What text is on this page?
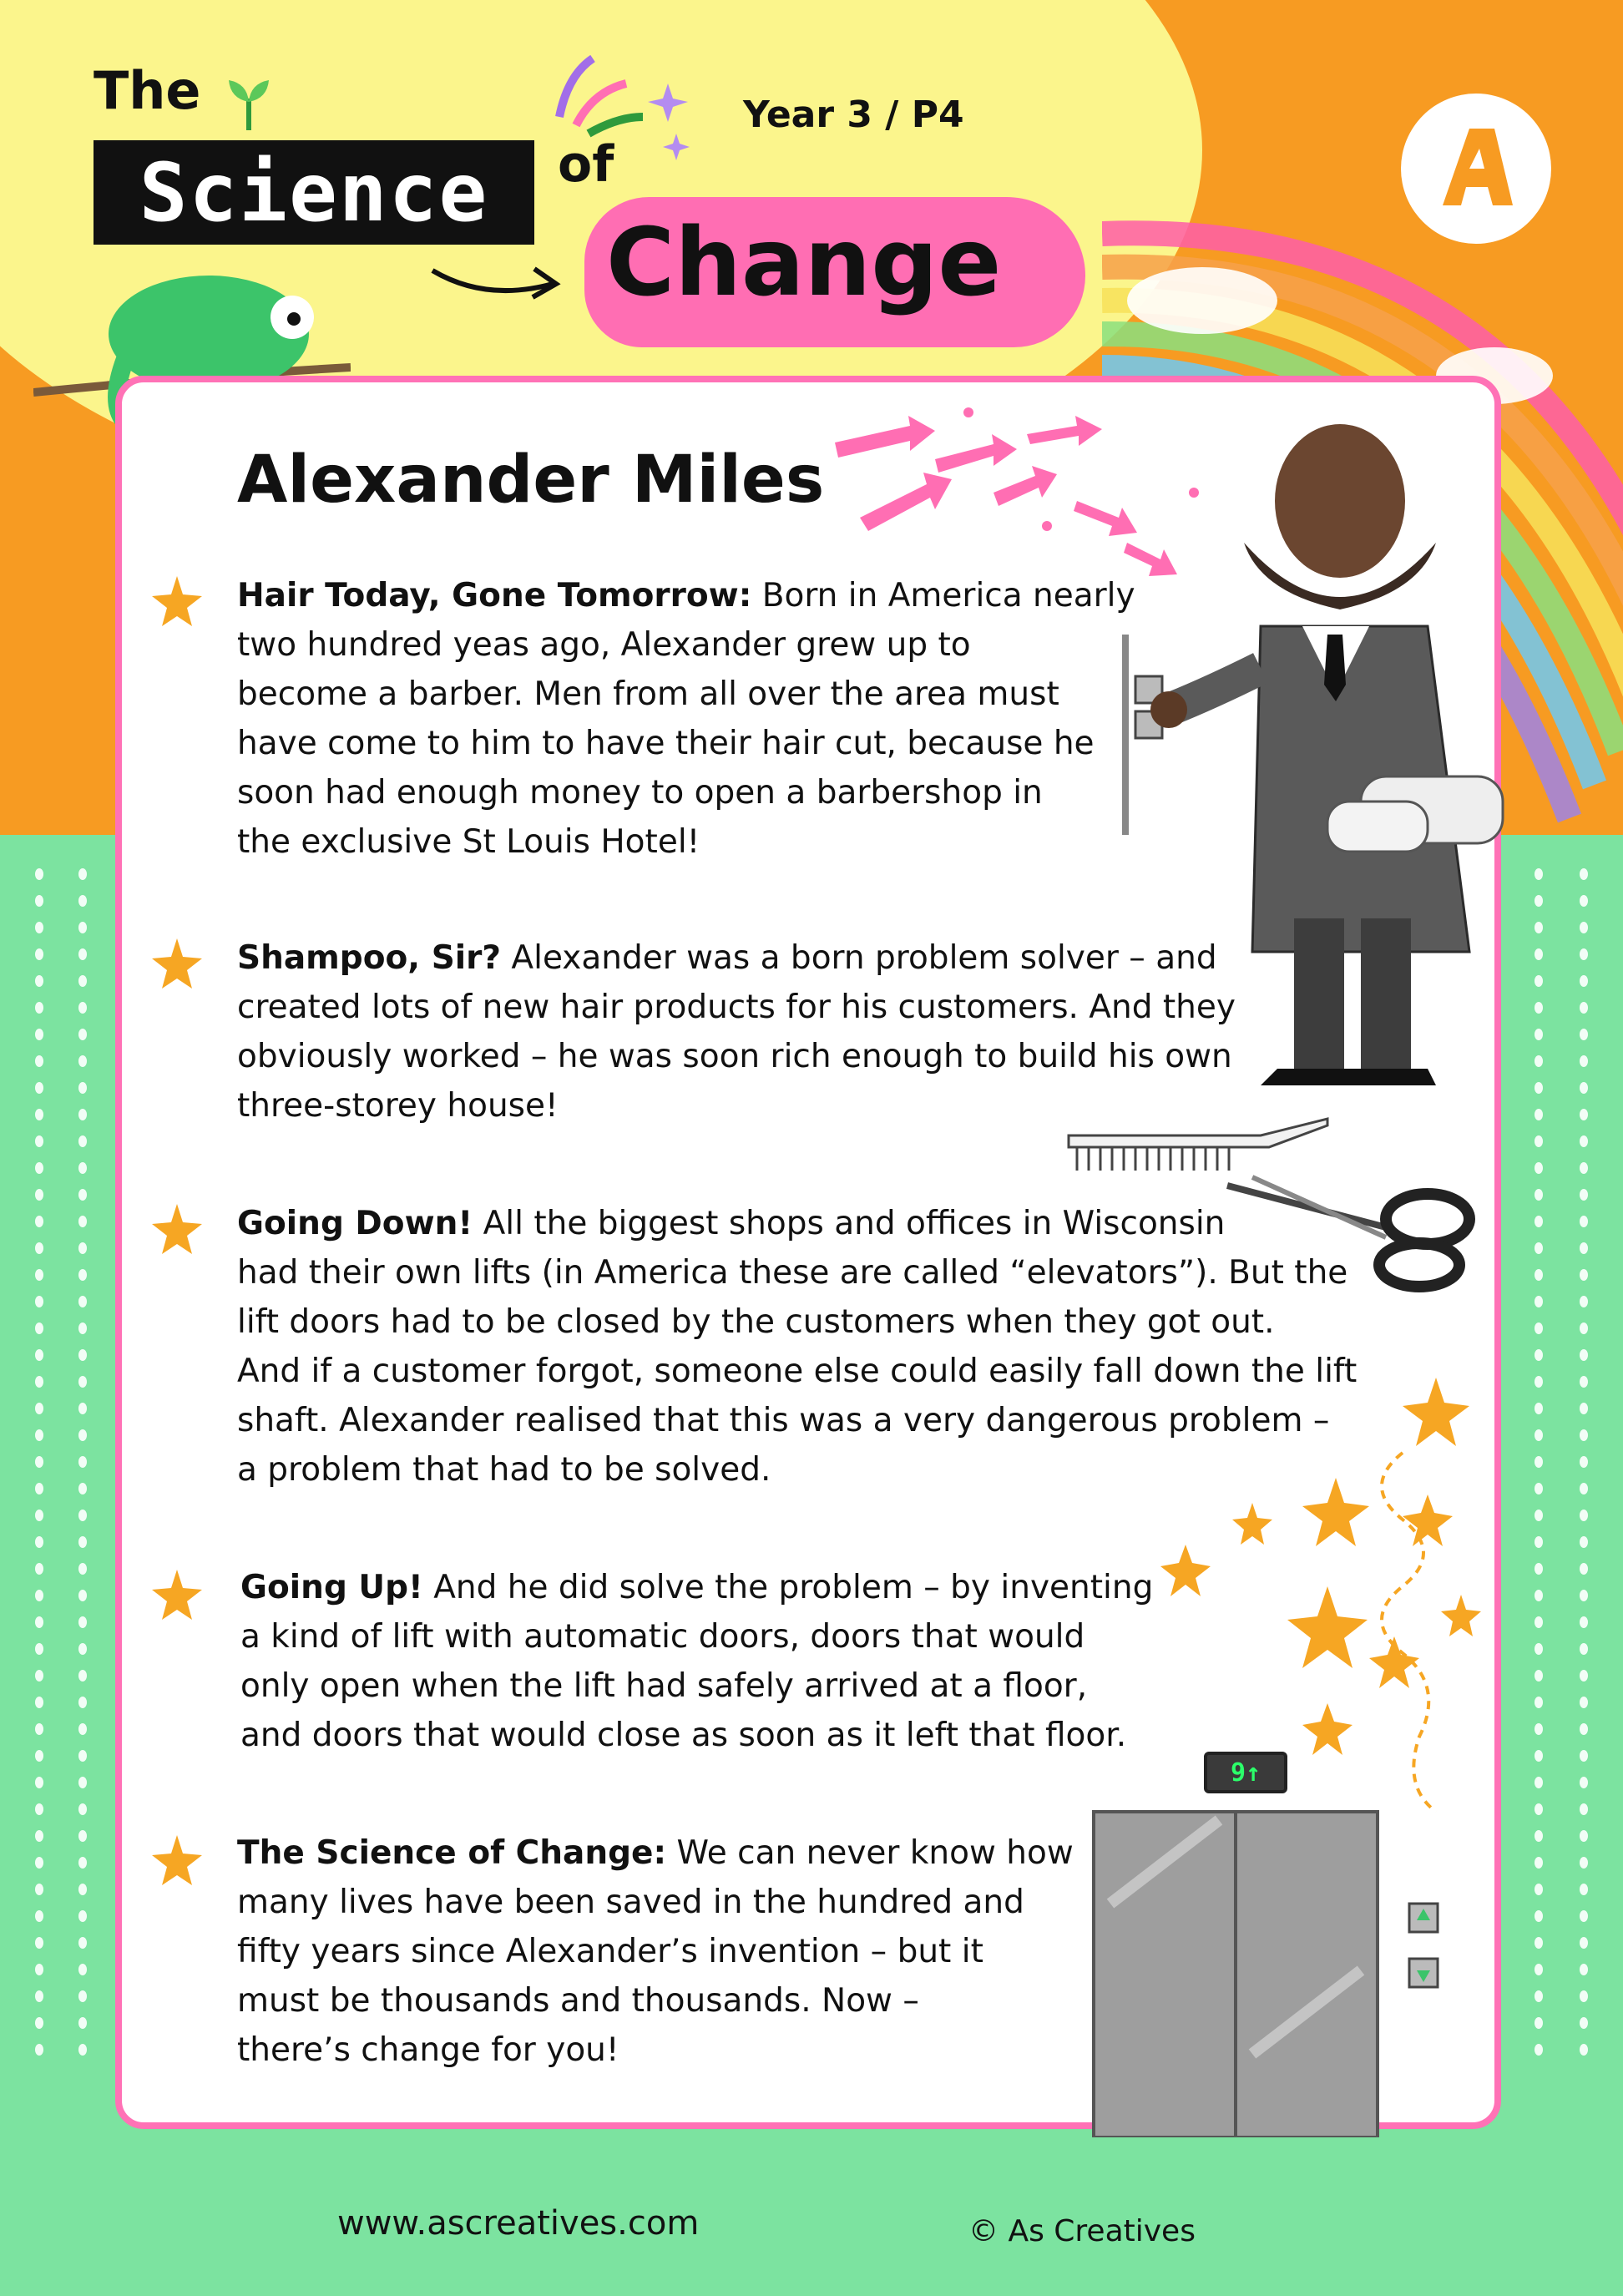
The
Science	of
Change
Year 3 / P4
Alexander Miles
9↑
Hair Today, Gone Tomorrow: Born in America nearly
two hundred yeas ago, Alexander grew up to
become a barber. Men from all over the area must
have come to him to have their hair cut, because he
soon had enough money to open a barbershop in
the exclusive St Louis Hotel!
Shampoo, Sir? Alexander was a born problem solver – and
created lots of new hair products for his customers. And they
obviously worked – he was soon rich enough to build his own
three-storey house!
Going Down! All the biggest shops and offices in Wisconsin
had their own lifts (in America these are called “elevators”). But the
lift doors had to be closed by the customers when they got out.
And if a customer forgot, someone else could easily fall down the lift
shaft. Alexander realised that this was a very dangerous problem –
a problem that had to be solved.
Going Up! And he did solve the problem – by inventing
a kind of lift with automatic doors, doors that would
only open when the lift had safely arrived at a floor,
and doors that would close as soon as it left that floor.
The Science of Change: We can never know how
many lives have been saved in the hundred and
fifty years since Alexander’s invention – but it
must be thousands and thousands. Now –
there’s change for you!
www.ascreatives.com	© As Creatives
